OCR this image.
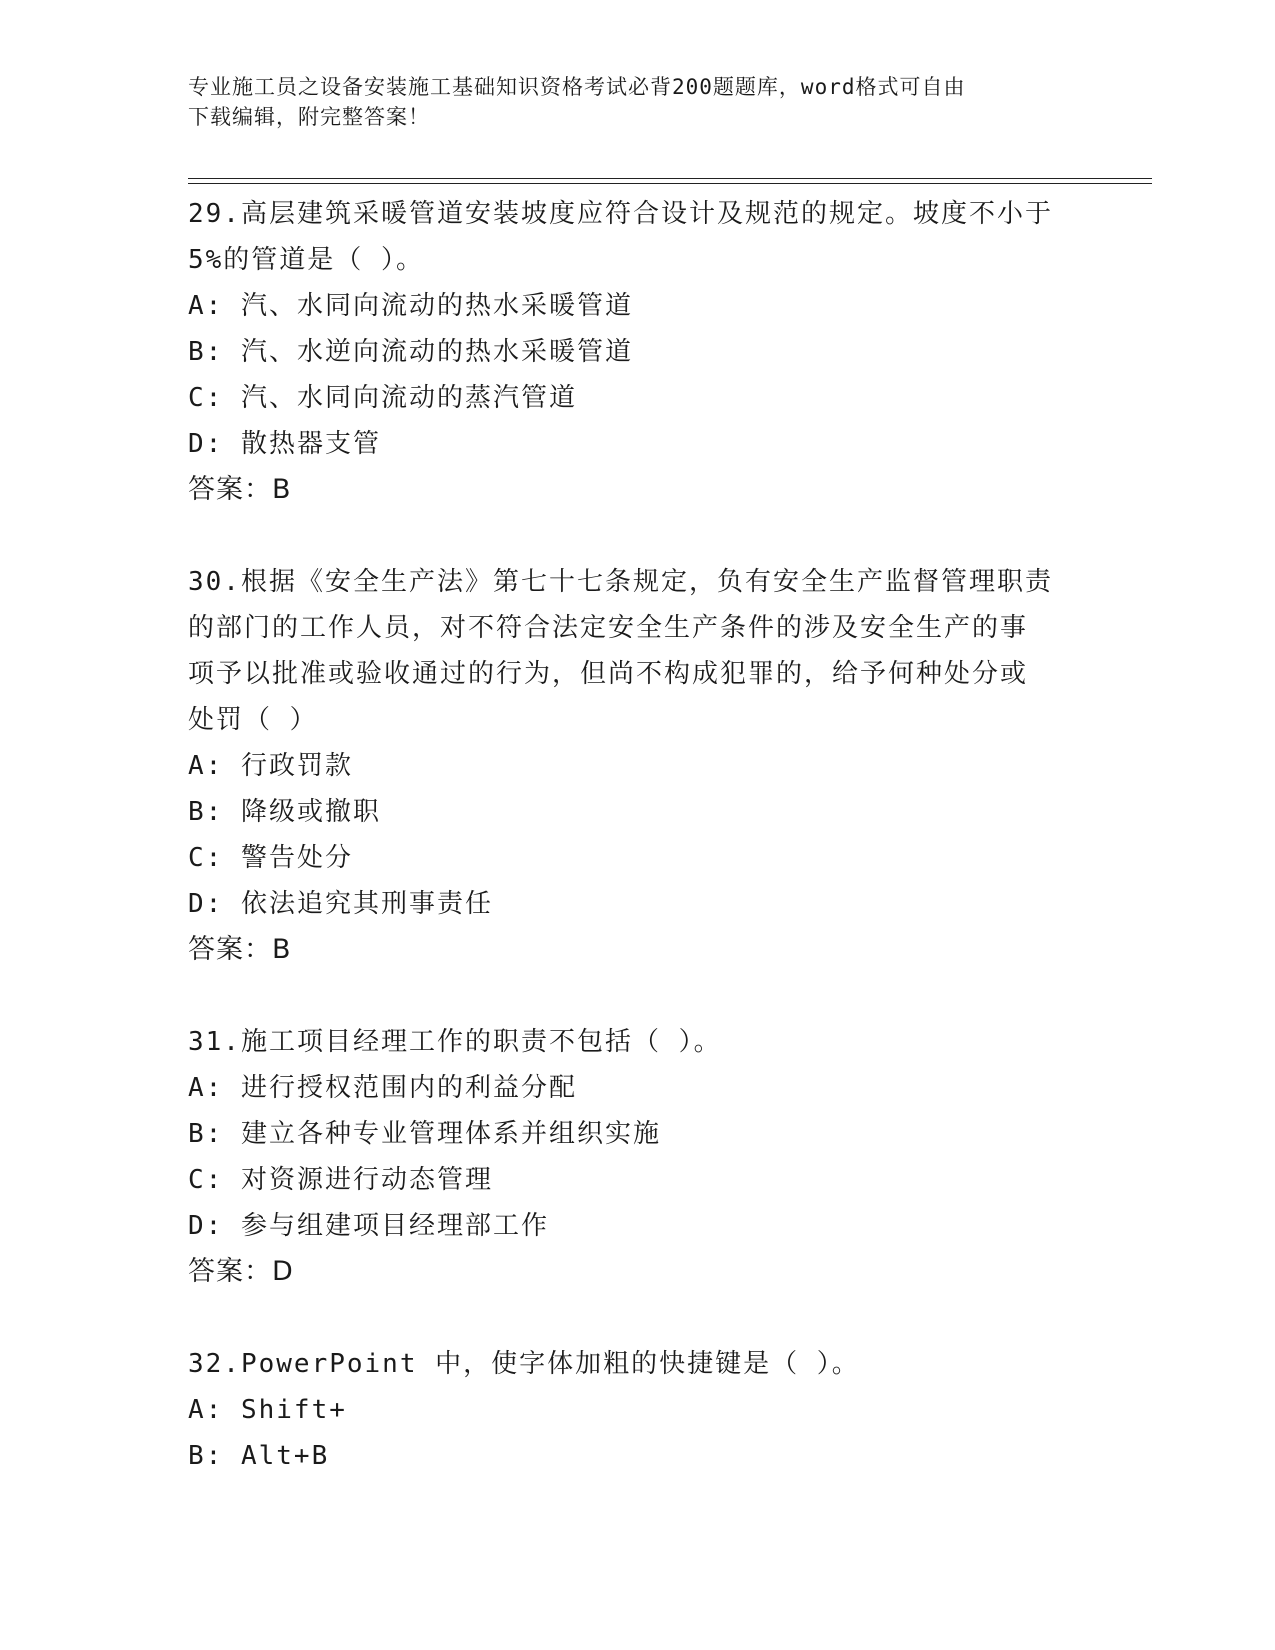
专业施工员之设备安装施工基础知识资格考试必背200题题库，word格式可自由
下载编辑，附完整答案！
29.高层建筑采暖管道安装坡度应符合设计及规范的规定。坡度不小于
5%的管道是（ ）。
A: 汽、水同向流动的热水采暖管道
B: 汽、水逆向流动的热水采暖管道
C: 汽、水同向流动的蒸汽管道
D: 散热器支管
答案：B
30.根据《安全生产法》第七十七条规定，负有安全生产监督管理职责
的部门的工作人员，对不符合法定安全生产条件的涉及安全生产的事
项予以批准或验收通过的行为，但尚不构成犯罪的，给予何种处分或
处罚（ ）
A: 行政罚款
B: 降级或撤职
C: 警告处分
D: 依法追究其刑事责任
答案：B
31.施工项目经理工作的职责不包括（ ）。
A: 进行授权范围内的利益分配
B: 建立各种专业管理体系并组织实施
C: 对资源进行动态管理
D: 参与组建项目经理部工作
答案：D
32.PowerPoint 中，使字体加粗的快捷键是（ ）。
A: Shift+
B: Alt+B
